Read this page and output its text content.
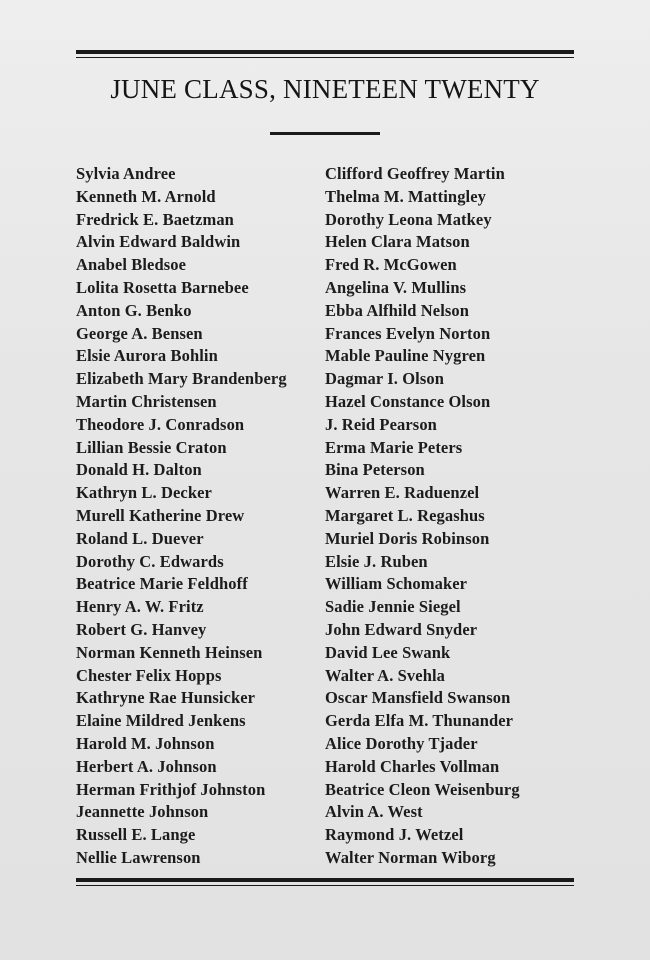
JUNE CLASS, NINETEEN TWENTY
Sylvia Andree
Kenneth M. Arnold
Fredrick E. Baetzman
Alvin Edward Baldwin
Anabel Bledsoe
Lolita Rosetta Barnebee
Anton G. Benko
George A. Bensen
Elsie Aurora Bohlin
Elizabeth Mary Brandenberg
Martin Christensen
Theodore J. Conradson
Lillian Bessie Craton
Donald H. Dalton
Kathryn L. Decker
Murell Katherine Drew
Roland L. Duever
Dorothy C. Edwards
Beatrice Marie Feldhoff
Henry A. W. Fritz
Robert G. Hanvey
Norman Kenneth Heinsen
Chester Felix Hopps
Kathryne Rae Hunsicker
Elaine Mildred Jenkens
Harold M. Johnson
Herbert A. Johnson
Herman Frithjof Johnston
Jeannette Johnson
Russell E. Lange
Nellie Lawrenson
Clifford Geoffrey Martin
Thelma M. Mattingley
Dorothy Leona Matkey
Helen Clara Matson
Fred R. McGowen
Angelina V. Mullins
Ebba Alfhild Nelson
Frances Evelyn Norton
Mable Pauline Nygren
Dagmar I. Olson
Hazel Constance Olson
J. Reid Pearson
Erma Marie Peters
Bina Peterson
Warren E. Raduenzel
Margaret L. Regashus
Muriel Doris Robinson
Elsie J. Ruben
William Schomaker
Sadie Jennie Siegel
John Edward Snyder
David Lee Swank
Walter A. Svehla
Oscar Mansfield Swanson
Gerda Elfa M. Thunander
Alice Dorothy Tjader
Harold Charles Vollman
Beatrice Cleon Weisenburg
Alvin A. West
Raymond J. Wetzel
Walter Norman Wiborg
